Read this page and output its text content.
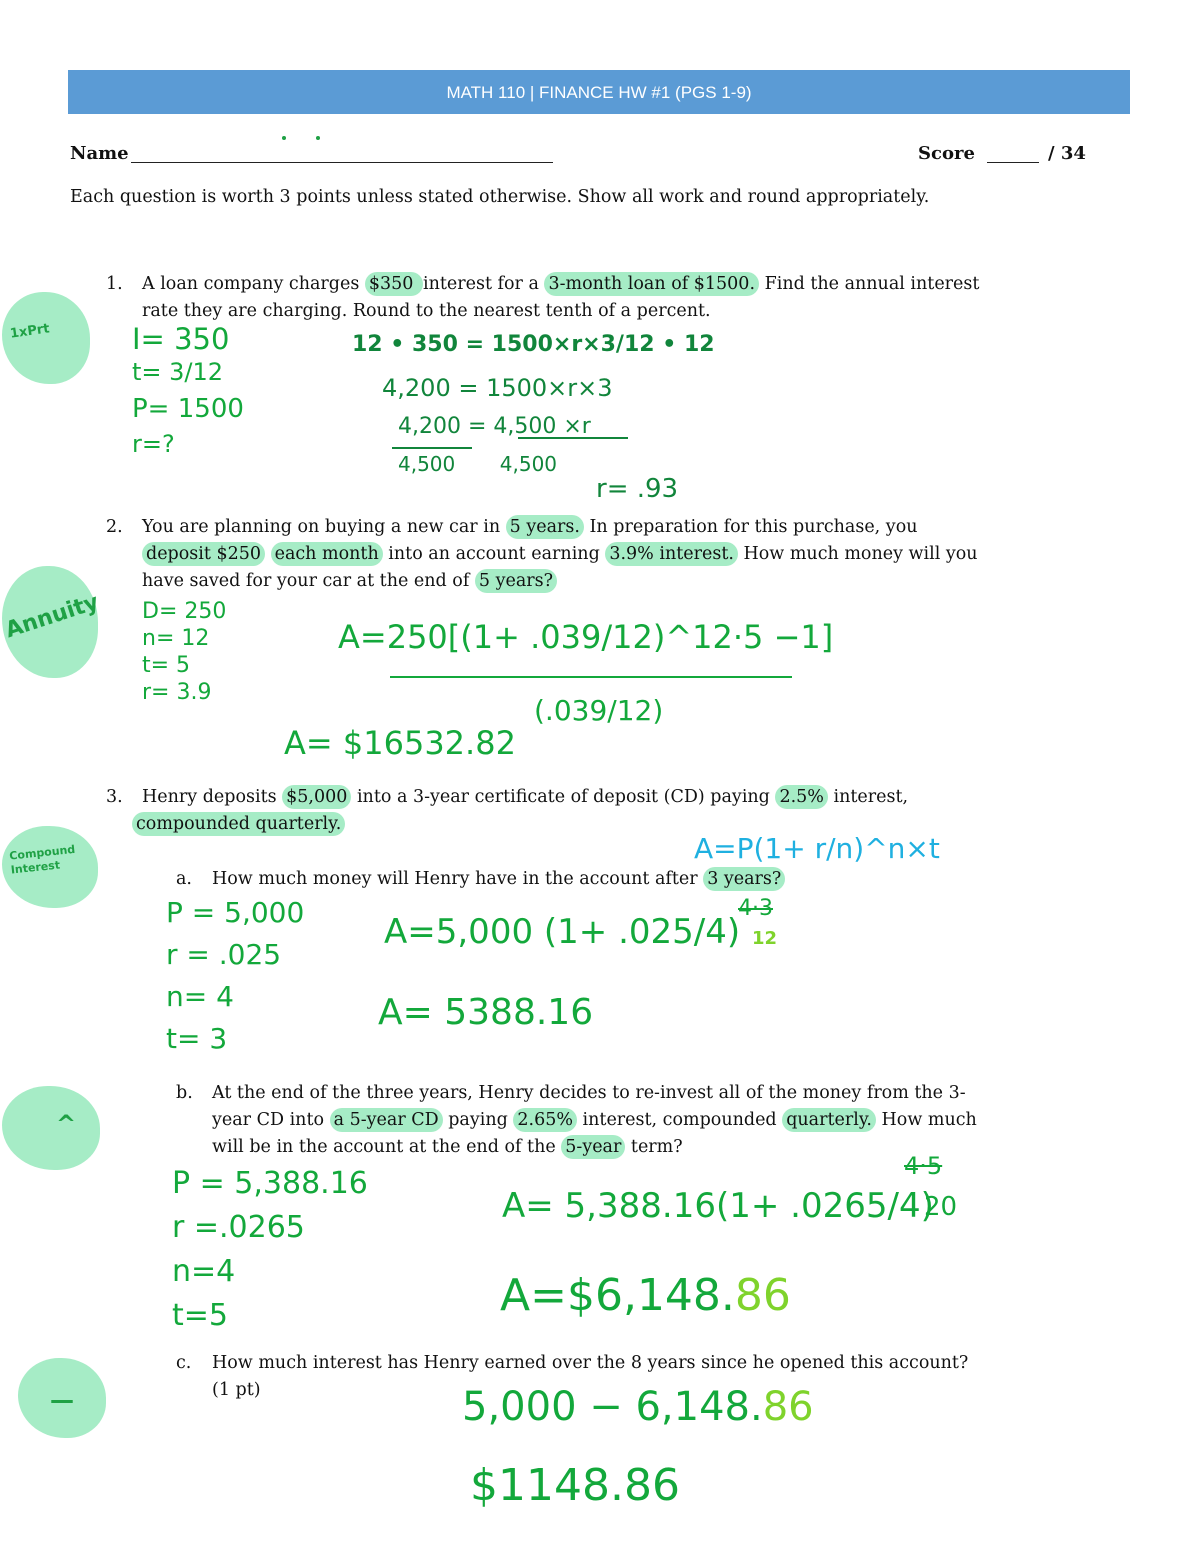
MATH 110 | FINANCE HW #1 (PGS 1-9)
Name	Score	/ 34
Each question is worth 3 points unless stated otherwise. Show all work and round appropriately.
1xPrt
Annuity
Compound Interest
^
—
1. A loan company charges $350 interest for a 3-month loan of $1500. Find the annual interest
rate they are charging. Round to the nearest tenth of a percent.
I= 350
t= 3/12
P= 1500
r=?
12 • 350 = 1500×r×3/12 • 12
4,200 = 1500×r×3
4,200 = 4,500 ×r
4,500       4,500
r= .93
2. You are planning on buying a new car in 5 years. In preparation for this purchase, you
deposit $250 each month into an account earning 3.9% interest. How much money will you
have saved for your car at the end of 5 years?
D= 250
n= 12
t= 5
r= 3.9
A=250[(1+ .039/12)^12·5 −1]
(.039/12)
A= $16532.82
3. Henry deposits $5,000 into a 3-year certificate of deposit (CD) paying 2.5% interest,
compounded quarterly.
A=P(1+ r/n)^n×t
a. How much money will Henry have in the account after 3 years?
P = 5,000
r = .025
n= 4
t= 3
A=5,000 (1+ .025/4)
4·3
12
A= 5388.16
b. At the end of the three years, Henry decides to re-invest all of the money from the 3-
year CD into a 5-year CD paying 2.65% interest, compounded quarterly. How much
will be in the account at the end of the 5-year term?
P = 5,388.16
r =.0265
n=4
t=5
A= 5,388.16(1+ .0265/4)
4·5
20
A=$6,148.86
c. How much interest has Henry earned over the 8 years since he opened this account?
(1 pt)	5,000 − 6,148.86
$1148.86
